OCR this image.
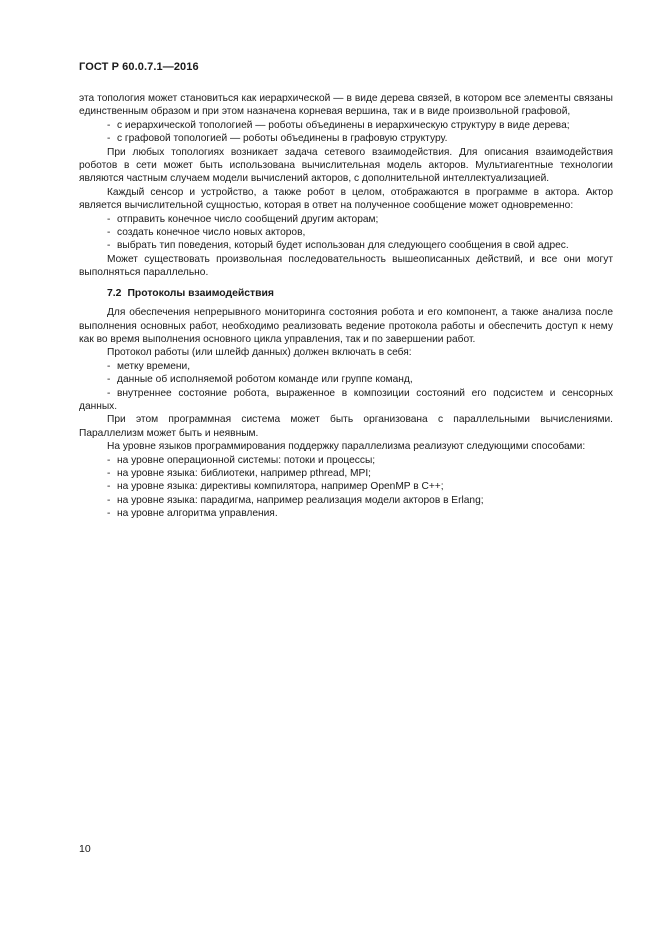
ГОСТ Р 60.0.7.1—2016

эта топология может становиться как иерархической — в виде дерева связей, в котором все элементы связаны единственным образом и при этом назначена корневая вершина, так и в виде произвольной графовой,

- с иерархической топологией — роботы объединены в иерархическую структуру в виде дерева;

- с графовой топологией — роботы объединены в графовую структуру.

При любых топологиях возникает задача сетевого взаимодействия. Для описания взаимодействия роботов в сети может быть использована вычислительная модель акторов. Мультиагентные технологии являются частным случаем модели вычислений акторов, с дополнительной интеллектуализацией.

Каждый сенсор и устройство, а также робот в целом, отображаются в программе в актора. Актор является вычислительной сущностью, которая в ответ на полученное сообщение может одновременно:

- отправить конечное число сообщений другим акторам;

- создать конечное число новых акторов,

- выбрать тип поведения, который будет использован для следующего сообщения в свой адрес.

Может существовать произвольная последовательность вышеописанных действий, и все они могут выполняться параллельно.

7.2 Протоколы взаимодействия

Для обеспечения непрерывного мониторинга состояния робота и его компонент, а также анализа после выполнения основных работ, необходимо реализовать ведение протокола работы и обеспечить доступ к нему как во время выполнения основного цикла управления, так и по завершении работ.

Протокол работы (или шлейф данных) должен включать в себя:

- метку времени,

- данные об исполняемой роботом команде или группе команд,

- внутреннее состояние робота, выраженное в композиции состояний его подсистем и сенсорных данных.

При этом программная система может быть организована с параллельными вычислениями. Параллелизм может быть и неявным.

На уровне языков программирования поддержку параллелизма реализуют следующими способами:

- на уровне операционной системы: потоки и процессы;

- на уровне языка: библиотеки, например pthread, MPI;

- на уровне языка: директивы компилятора, например OpenMP в C++;

- на уровне языка: парадигма, например реализация модели акторов в Erlang;

- на уровне алгоритма управления.

10
